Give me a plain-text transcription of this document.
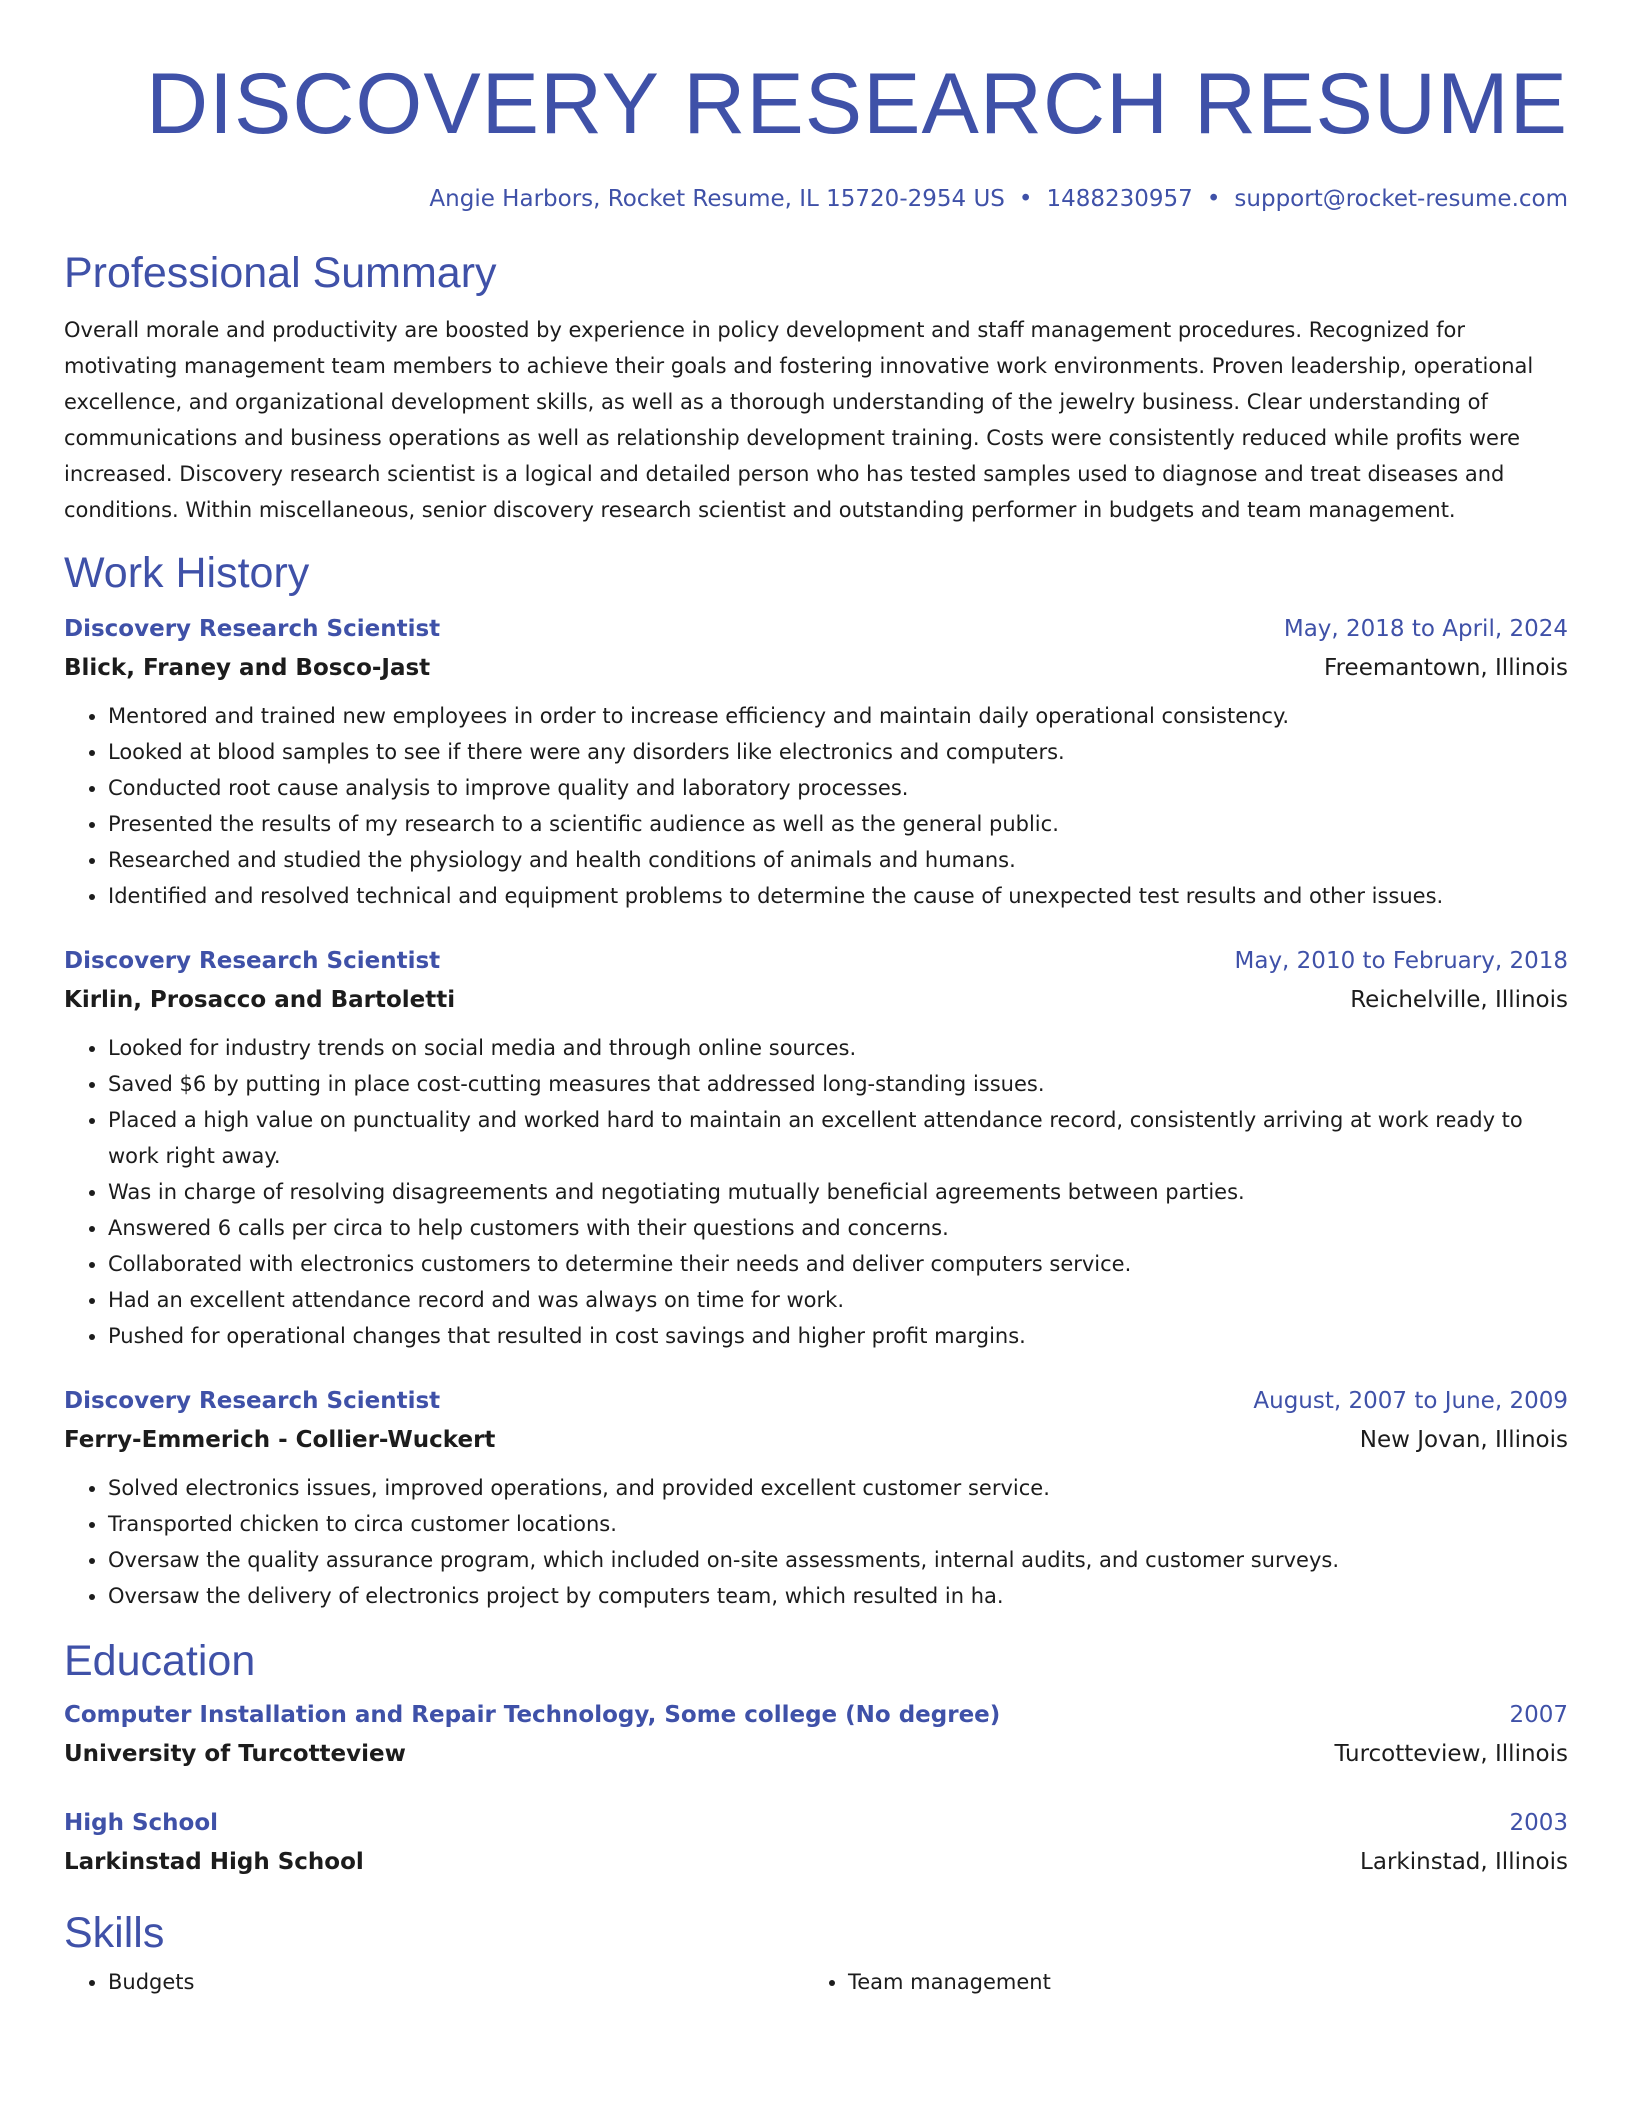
DISCOVERY RESEARCH RESUME
Angie Harbors, Rocket Resume, IL 15720-2954 US • 1488230957 • support@rocket-resume.com
Professional Summary
Overall morale and productivity are boosted by experience in policy development and staff management procedures. Recognized for motivating management team members to achieve their goals and fostering innovative work environments. Proven leadership, operational excellence, and organizational development skills, as well as a thorough understanding of the jewelry business. Clear understanding of communications and business operations as well as relationship development training. Costs were consistently reduced while profits were increased. Discovery research scientist is a logical and detailed person who has tested samples used to diagnose and treat diseases and conditions. Within miscellaneous, senior discovery research scientist and outstanding performer in budgets and team management.
Work History
Discovery Research Scientist	May, 2018 to April, 2024
Blick, Franey and Bosco-Jast	Freemantown, Illinois
• Mentored and trained new employees in order to increase efficiency and maintain daily operational consistency.
• Looked at blood samples to see if there were any disorders like electronics and computers.
• Conducted root cause analysis to improve quality and laboratory processes.
• Presented the results of my research to a scientific audience as well as the general public.
• Researched and studied the physiology and health conditions of animals and humans.
• Identified and resolved technical and equipment problems to determine the cause of unexpected test results and other issues.
Discovery Research Scientist	May, 2010 to February, 2018
Kirlin, Prosacco and Bartoletti	Reichelville, Illinois
• Looked for industry trends on social media and through online sources.
• Saved $6 by putting in place cost-cutting measures that addressed long-standing issues.
• Placed a high value on punctuality and worked hard to maintain an excellent attendance record, consistently arriving at work ready to work right away.
• Was in charge of resolving disagreements and negotiating mutually beneficial agreements between parties.
• Answered 6 calls per circa to help customers with their questions and concerns.
• Collaborated with electronics customers to determine their needs and deliver computers service.
• Had an excellent attendance record and was always on time for work.
• Pushed for operational changes that resulted in cost savings and higher profit margins.
Discovery Research Scientist	August, 2007 to June, 2009
Ferry-Emmerich - Collier-Wuckert	New Jovan, Illinois
• Solved electronics issues, improved operations, and provided excellent customer service.
• Transported chicken to circa customer locations.
• Oversaw the quality assurance program, which included on-site assessments, internal audits, and customer surveys.
• Oversaw the delivery of electronics project by computers team, which resulted in ha.
Education
Computer Installation and Repair Technology, Some college (No degree)	2007
University of Turcotteview	Turcotteview, Illinois
High School	2003
Larkinstad High School	Larkinstad, Illinois
Skills
• Budgets
•	Team management
